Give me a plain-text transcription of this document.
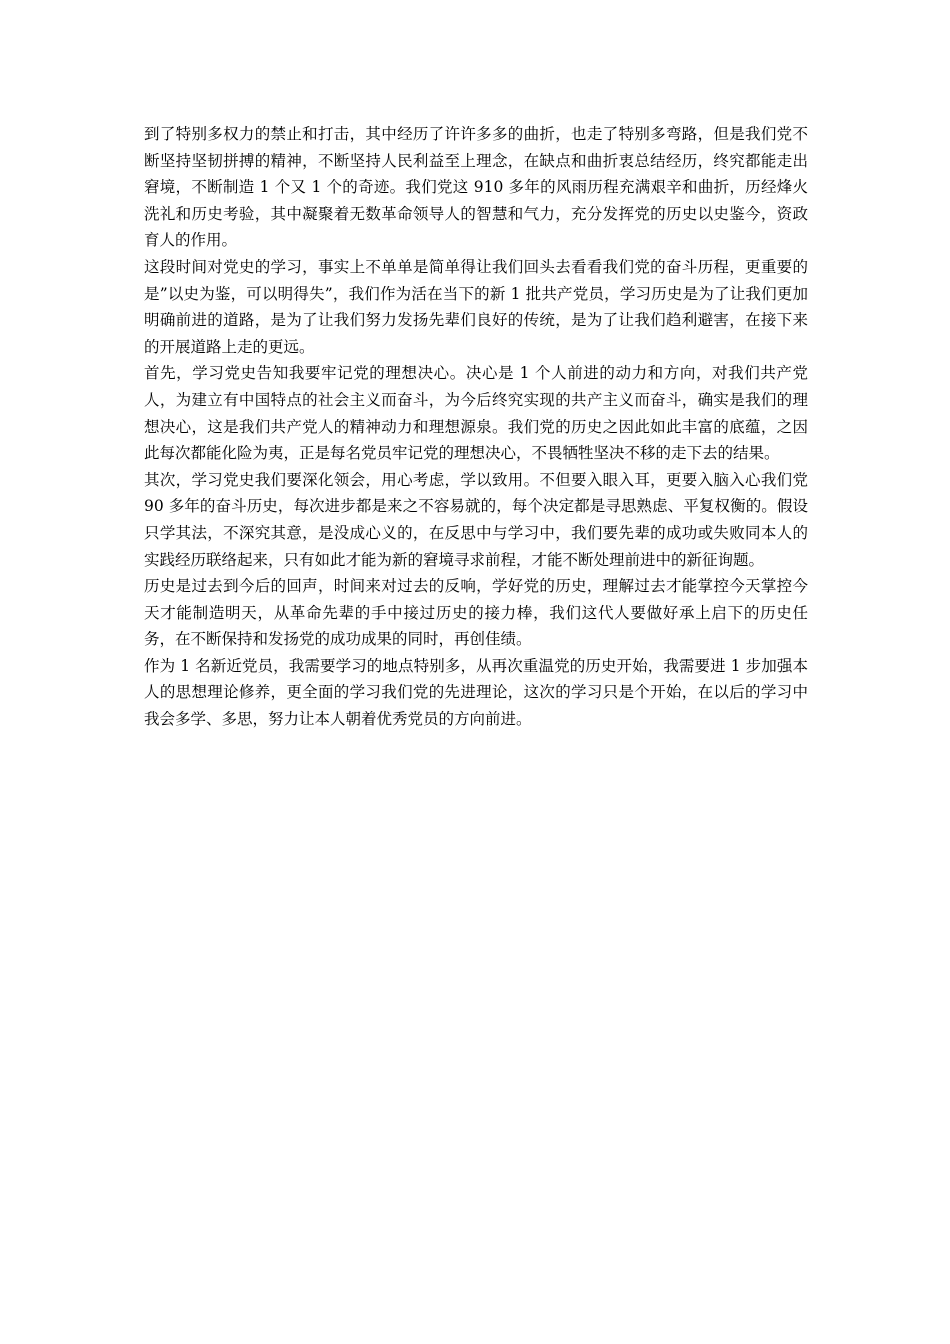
到了特别多权力的禁止和打击，其中经历了许许多多的曲折，也走了特别多弯路，但是我们党不断坚持坚韧拼搏的精神，不断坚持人民利益至上理念，在缺点和曲折衷总结经历，终究都能走出窘境，不断制造 1 个又 1 个的奇迹。我们党这 910 多年的风雨历程充满艰辛和曲折，历经烽火洗礼和历史考验，其中凝聚着无数革命领导人的智慧和气力，充分发挥党的历史以史鉴今，资政育人的作用。

这段时间对党史的学习，事实上不单单是简单得让我们回头去看看我们党的奋斗历程，更重要的是”以史为鉴，可以明得失”，我们作为活在当下的新 1 批共产党员，学习历史是为了让我们更加明确前进的道路，是为了让我们努力发扬先辈们良好的传统，是为了让我们趋利避害，在接下来的开展道路上走的更远。

首先，学习党史告知我要牢记党的理想决心。决心是 1 个人前进的动力和方向，对我们共产党人，为建立有中国特点的社会主义而奋斗，为今后终究实现的共产主义而奋斗，确实是我们的理想决心，这是我们共产党人的精神动力和理想源泉。我们党的历史之因此如此丰富的底蕴，之因此每次都能化险为夷，正是每名党员牢记党的理想决心，不畏牺牲坚决不移的走下去的结果。

其次，学习党史我们要深化领会，用心考虑，学以致用。不但要入眼入耳，更要入脑入心我们党 90 多年的奋斗历史，每次进步都是来之不容易就的，每个决定都是寻思熟虑、平复权衡的。假设只学其法，不深究其意，是没成心义的，在反思中与学习中，我们要先辈的成功或失败同本人的实践经历联络起来，只有如此才能为新的窘境寻求前程，才能不断处理前进中的新征询题。

历史是过去到今后的回声，时间来对过去的反响，学好党的历史，理解过去才能掌控今天掌控今天才能制造明天，从革命先辈的手中接过历史的接力棒，我们这代人要做好承上启下的历史任务，在不断保持和发扬党的成功成果的同时，再创佳绩。

作为 1 名新近党员，我需要学习的地点特别多，从再次重温党的历史开始，我需要进 1 步加强本人的思想理论修养，更全面的学习我们党的先进理论，这次的学习只是个开始，在以后的学习中我会多学、多思，努力让本人朝着优秀党员的方向前进。
